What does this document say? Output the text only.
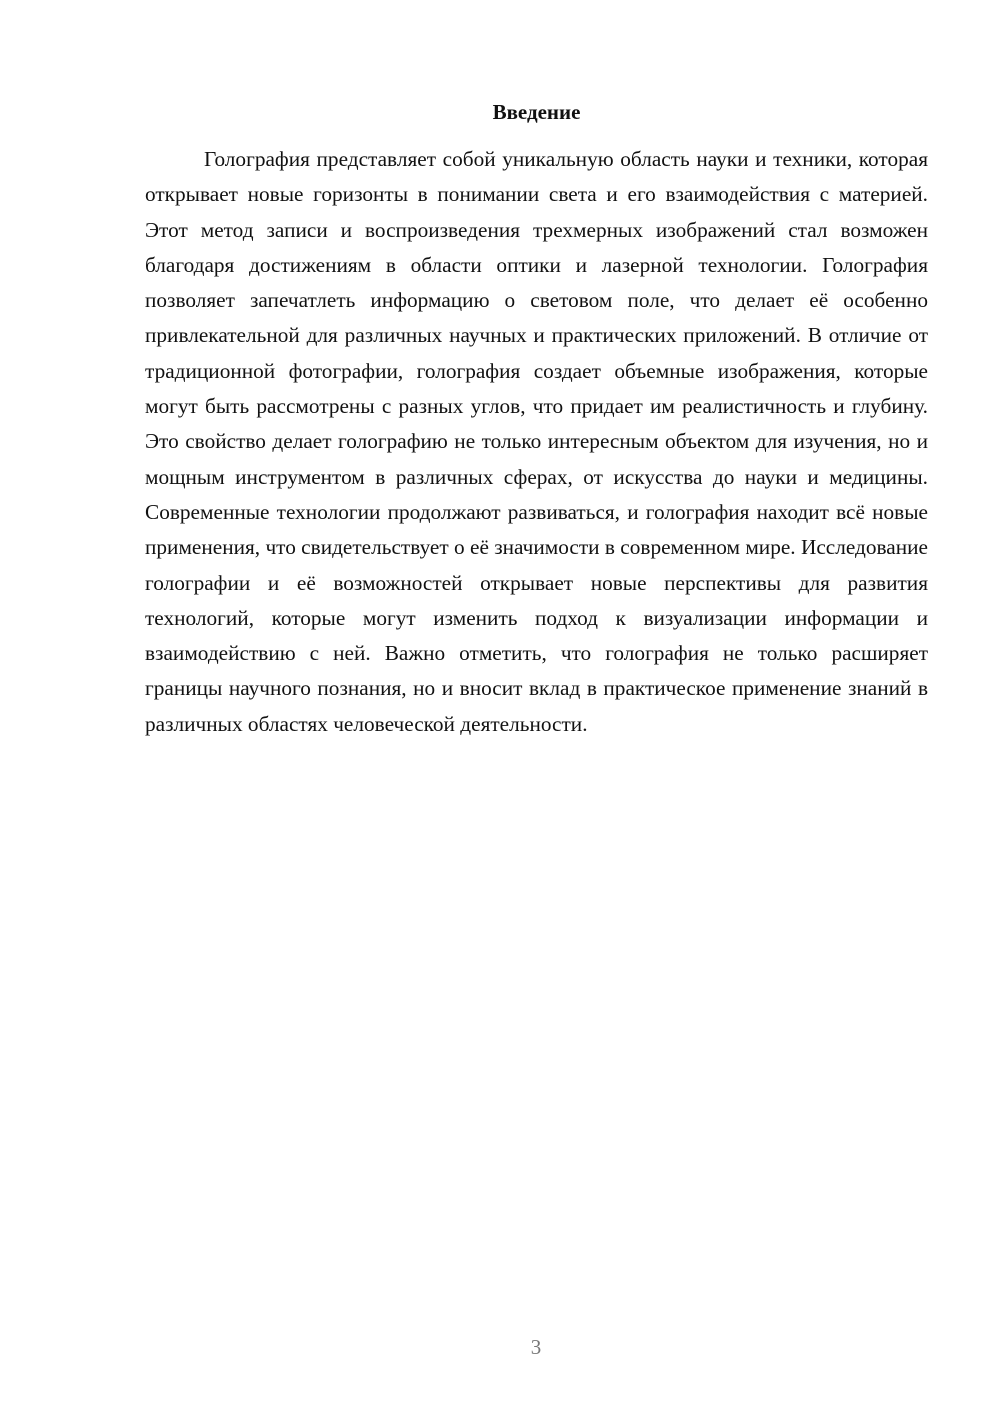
Введение

Голография представляет собой уникальную область науки и техники, которая открывает новые горизонты в понимании света и его взаимодействия с материей. Этот метод записи и воспроизведения трехмерных изображений стал возможен благодаря достижениям в области оптики и лазерной технологии. Голография позволяет запечатлеть информацию о световом поле, что делает её особенно привлекательной для различных научных и практических приложений. В отличие от традиционной фотографии, голография создает объемные изображения, которые могут быть рассмотрены с разных углов, что придает им реалистичность и глубину. Это свойство делает голографию не только интересным объектом для изучения, но и мощным инструментом в различных сферах, от искусства до науки и медицины. Современные технологии продолжают развиваться, и голография находит всё новые применения, что свидетельствует о её значимости в современном мире. Исследование голографии и её возможностей открывает новые перспективы для развития технологий, которые могут изменить подход к визуализации информации и взаимодействию с ней. Важно отметить, что голография не только расширяет границы научного познания, но и вносит вклад в практическое применение знаний в различных областях человеческой деятельности.

3
